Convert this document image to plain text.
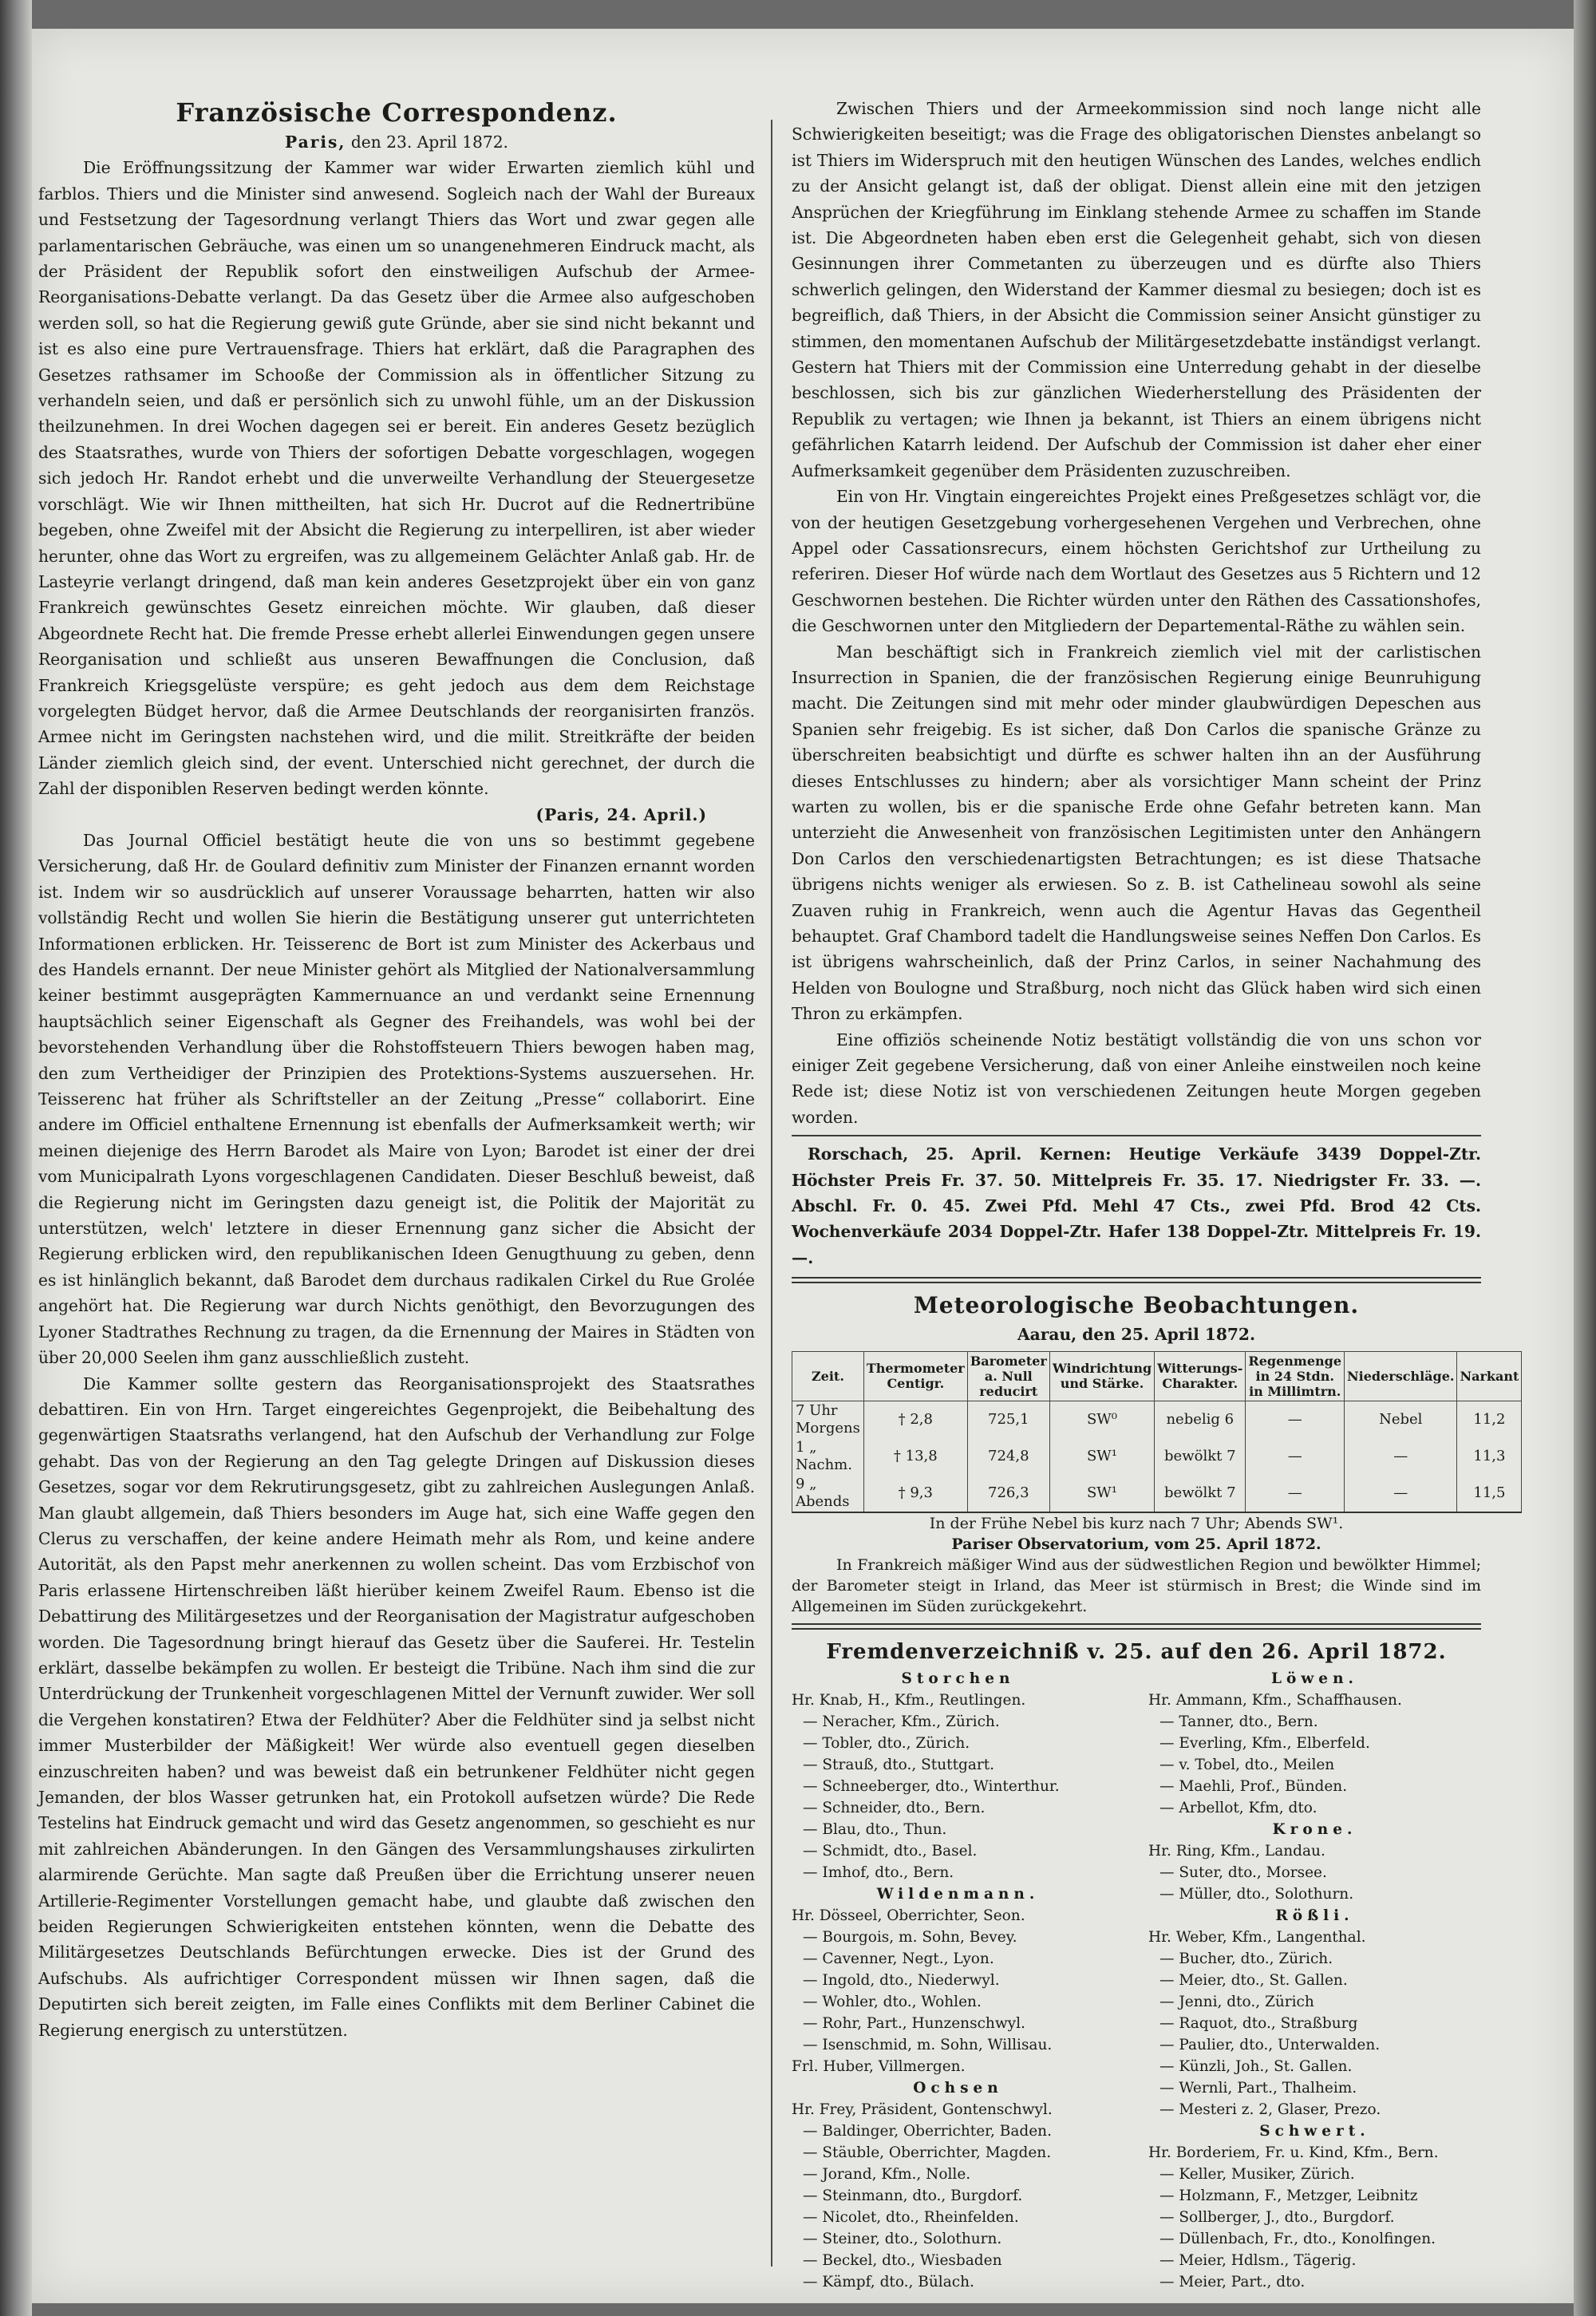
Französische Correspondenz.
Paris, den 23. April 1872.

Die Eröffnungssitzung der Kammer war wider Erwarten ziemlich kühl und farblos. Thiers und die Minister sind anwesend. Sogleich nach der Wahl der Bureaux und Festsetzung der Tagesordnung verlangt Thiers das Wort und zwar gegen alle parlamentarischen Gebräuche, was einen um so unangenehmeren Eindruck macht, als der Präsident der Republik sofort den einstweiligen Aufschub der Armee-Reorganisations-Debatte verlangt. Da das Gesetz über die Armee also aufgeschoben werden soll, so hat die Regierung gewiß gute Gründe, aber sie sind nicht bekannt und ist es also eine pure Vertrauensfrage. Thiers hat erklärt, daß die Paragraphen des Gesetzes rathsamer im Schooße der Commission als in öffentlicher Sitzung zu verhandeln seien, und daß er persönlich sich zu unwohl fühle, um an der Diskussion theilzunehmen. In drei Wochen dagegen sei er bereit. Ein anderes Gesetz bezüglich des Staatsrathes, wurde von Thiers der sofortigen Debatte vorgeschlagen, wogegen sich jedoch Hr. Randot erhebt und die unverweilte Verhandlung der Steuergesetze vorschlägt. Wie wir Ihnen mittheilten, hat sich Hr. Ducrot auf die Rednertribüne begeben, ohne Zweifel mit der Absicht die Regierung zu interpelliren, ist aber wieder herunter, ohne das Wort zu ergreifen, was zu allgemeinem Gelächter Anlaß gab. Hr. de Lasteyrie verlangt dringend, daß man kein anderes Gesetzprojekt über ein von ganz Frankreich gewünschtes Gesetz einreichen möchte. Wir glauben, daß dieser Abgeordnete Recht hat. Die fremde Presse erhebt allerlei Einwendungen gegen unsere Reorganisation und schließt aus unseren Bewaffnungen die Conclusion, daß Frankreich Kriegsgelüste verspüre; es geht jedoch aus dem dem Reichstage vorgelegten Büdget hervor, daß die Armee Deutschlands der reorganisirten französ. Armee nicht im Geringsten nachstehen wird, und die milit. Streitkräfte der beiden Länder ziemlich gleich sind, der event. Unterschied nicht gerechnet, der durch die Zahl der disponiblen Reserven bedingt werden könnte.

(Paris, 24. April.)

Das Journal Officiel bestätigt heute die von uns so bestimmt gegebene Versicherung, daß Hr. de Goulard definitiv zum Minister der Finanzen ernannt worden ist. Indem wir so ausdrücklich auf unserer Voraussage beharrten, hatten wir also vollständig Recht und wollen Sie hierin die Bestätigung unserer gut unterrichteten Informationen erblicken. Hr. Teisserenc de Bort ist zum Minister des Ackerbaus und des Handels ernannt. Der neue Minister gehört als Mitglied der Nationalversammlung keiner bestimmt ausgeprägten Kammernuance an und verdankt seine Ernennung hauptsächlich seiner Eigenschaft als Gegner des Freihandels, was wohl bei der bevorstehenden Verhandlung über die Rohstoffsteuern Thiers bewogen haben mag, den zum Vertheidiger der Prinzipien des Protektions-Systems auszuersehen. Hr. Teisserenc hat früher als Schriftsteller an der Zeitung „Presse“ collaborirt. Eine andere im Officiel enthaltene Ernennung ist ebenfalls der Aufmerksamkeit werth; wir meinen diejenige des Herrn Barodet als Maire von Lyon; Barodet ist einer der drei vom Municipalrath Lyons vorgeschlagenen Candidaten. Dieser Beschluß beweist, daß die Regierung nicht im Geringsten dazu geneigt ist, die Politik der Majorität zu unterstützen, welch' letztere in dieser Ernennung ganz sicher die Absicht der Regierung erblicken wird, den republikanischen Ideen Genugthuung zu geben, denn es ist hinlänglich bekannt, daß Barodet dem durchaus radikalen Cirkel du Rue Grolée angehört hat. Die Regierung war durch Nichts genöthigt, den Bevorzugungen des Lyoner Stadtrathes Rechnung zu tragen, da die Ernennung der Maires in Städten von über 20,000 Seelen ihm ganz ausschließlich zusteht.

Die Kammer sollte gestern das Reorganisationsprojekt des Staatsrathes debattiren. Ein von Hrn. Target eingereichtes Gegenprojekt, die Beibehaltung des gegenwärtigen Staatsraths verlangend, hat den Aufschub der Verhandlung zur Folge gehabt. Das von der Regierung an den Tag gelegte Dringen auf Diskussion dieses Gesetzes, sogar vor dem Rekrutirungsgesetz, gibt zu zahlreichen Auslegungen Anlaß. Man glaubt allgemein, daß Thiers besonders im Auge hat, sich eine Waffe gegen den Clerus zu verschaffen, der keine andere Heimath mehr als Rom, und keine andere Autorität, als den Papst mehr anerkennen zu wollen scheint. Das vom Erzbischof von Paris erlassene Hirtenschreiben läßt hierüber keinem Zweifel Raum. Ebenso ist die Debattirung des Militärgesetzes und der Reorganisation der Magistratur aufgeschoben worden. Die Tagesordnung bringt hierauf das Gesetz über die Sauferei. Hr. Testelin erklärt, dasselbe bekämpfen zu wollen. Er besteigt die Tribüne. Nach ihm sind die zur Unterdrückung der Trunkenheit vorgeschlagenen Mittel der Vernunft zuwider. Wer soll die Vergehen konstatiren? Etwa der Feldhüter? Aber die Feldhüter sind ja selbst nicht immer Musterbilder der Mäßigkeit! Wer würde also eventuell gegen dieselben einzuschreiten haben? und was beweist daß ein betrunkener Feldhüter nicht gegen Jemanden, der blos Wasser getrunken hat, ein Protokoll aufsetzen würde? Die Rede Testelins hat Eindruck gemacht und wird das Gesetz angenommen, so geschieht es nur mit zahlreichen Abänderungen. In den Gängen des Versammlungshauses zirkulirten alarmirende Gerüchte. Man sagte daß Preußen über die Errichtung unserer neuen Artillerie-Regimenter Vorstellungen gemacht habe, und glaubte daß zwischen den beiden Regierungen Schwierigkeiten entstehen könnten, wenn die Debatte des Militärgesetzes Deutschlands Befürchtungen erwecke. Dies ist der Grund des Aufschubs. Als aufrichtiger Correspondent müssen wir Ihnen sagen, daß die Deputirten sich bereit zeigten, im Falle eines Conflikts mit dem Berliner Cabinet die Regierung energisch zu unterstützen.

Zwischen Thiers und der Armeekommission sind noch lange nicht alle Schwierigkeiten beseitigt; was die Frage des obligatorischen Dienstes anbelangt so ist Thiers im Widerspruch mit den heutigen Wünschen des Landes, welches endlich zu der Ansicht gelangt ist, daß der obligat. Dienst allein eine mit den jetzigen Ansprüchen der Kriegführung im Einklang stehende Armee zu schaffen im Stande ist. Die Abgeordneten haben eben erst die Gelegenheit gehabt, sich von diesen Gesinnungen ihrer Commetanten zu überzeugen und es dürfte also Thiers schwerlich gelingen, den Widerstand der Kammer diesmal zu besiegen; doch ist es begreiflich, daß Thiers, in der Absicht die Commission seiner Ansicht günstiger zu stimmen, den momentanen Aufschub der Militärgesetzdebatte inständigst verlangt. Gestern hat Thiers mit der Commission eine Unterredung gehabt in der dieselbe beschlossen, sich bis zur gänzlichen Wiederherstellung des Präsidenten der Republik zu vertagen; wie Ihnen ja bekannt, ist Thiers an einem übrigens nicht gefährlichen Katarrh leidend. Der Aufschub der Commission ist daher eher einer Aufmerksamkeit gegenüber dem Präsidenten zuzuschreiben.

Ein von Hr. Vingtain eingereichtes Projekt eines Preßgesetzes schlägt vor, die von der heutigen Gesetzgebung vorhergesehenen Vergehen und Verbrechen, ohne Appel oder Cassationsrecurs, einem höchsten Gerichtshof zur Urtheilung zu referiren. Dieser Hof würde nach dem Wortlaut des Gesetzes aus 5 Richtern und 12 Geschwornen bestehen. Die Richter würden unter den Räthen des Cassationshofes, die Geschwornen unter den Mitgliedern der Departemental-Räthe zu wählen sein.

Man beschäftigt sich in Frankreich ziemlich viel mit der carlistischen Insurrection in Spanien, die der französischen Regierung einige Beunruhigung macht. Die Zeitungen sind mit mehr oder minder glaubwürdigen Depeschen aus Spanien sehr freigebig. Es ist sicher, daß Don Carlos die spanische Gränze zu überschreiten beabsichtigt und dürfte es schwer halten ihn an der Ausführung dieses Entschlusses zu hindern; aber als vorsichtiger Mann scheint der Prinz warten zu wollen, bis er die spanische Erde ohne Gefahr betreten kann. Man unterzieht die Anwesenheit von französischen Legitimisten unter den Anhängern Don Carlos den verschiedenartigsten Betrachtungen; es ist diese Thatsache übrigens nichts weniger als erwiesen. So z. B. ist Cathelineau sowohl als seine Zuaven ruhig in Frankreich, wenn auch die Agentur Havas das Gegentheil behauptet. Graf Chambord tadelt die Handlungsweise seines Neffen Don Carlos. Es ist übrigens wahrscheinlich, daß der Prinz Carlos, in seiner Nachahmung des Helden von Boulogne und Straßburg, noch nicht das Glück haben wird sich einen Thron zu erkämpfen.

Eine offiziös scheinende Notiz bestätigt vollständig die von uns schon vor einiger Zeit gegebene Versicherung, daß von einer Anleihe einstweilen noch keine Rede ist; diese Notiz ist von verschiedenen Zeitungen heute Morgen gegeben worden.

Rorschach, 25. April. Kernen: Heutige Verkäufe 3439 Doppel-Ztr. Höchster Preis Fr. 37. 50. Mittelpreis Fr. 35. 17. Niedrigster Fr. 33. —. Abschl. Fr. 0. 45. Zwei Pfd. Mehl 47 Cts., zwei Pfd. Brod 42 Cts. Wochenverkäufe 2034 Doppel-Ztr. Hafer 138 Doppel-Ztr. Mittelpreis Fr. 19. —.

Meteorologische Beobachtungen.
Aarau, den 25. April 1872.
Zeit.	Thermometer Centigr.	Barometer a. Null reducirt	Windrichtung und Stärke.	Witterungs-Charakter.	Regenmenge in 24 Stdn. in Millimtrn.	Niederschläge.	Narkant
7 Uhr Morgens	† 2,8	725,1	SW⁰	nebelig 6	—	Nebel	11,2
1 „ Nachm.	† 13,8	724,8	SW¹	bewölkt 7	—	—	11,3
9 „ Abends	† 9,3	726,3	SW¹	bewölkt 7	—	—	11,5
In der Frühe Nebel bis kurz nach 7 Uhr; Abends SW¹.
Pariser Observatorium, vom 25. April 1872.

In Frankreich mäßiger Wind aus der südwestlichen Region und bewölkter Himmel; der Barometer steigt in Irland, das Meer ist stürmisch in Brest; die Winde sind im Allgemeinen im Süden zurückgekehrt.

Fremdenverzeichniß v. 25. auf den 26. April 1872.
Storchen
Hr. Knab, H., Kfm., Reutlingen.
— Neracher, Kfm., Zürich.
— Tobler, dto., Zürich.
— Strauß, dto., Stuttgart.
— Schneeberger, dto., Winterthur.
— Schneider, dto., Bern.
— Blau, dto., Thun.
— Schmidt, dto., Basel.
— Imhof, dto., Bern.
Wildenmann.
Hr. Dösseel, Oberrichter, Seon.
— Bourgois, m. Sohn, Bevey.
— Cavenner, Negt., Lyon.
— Ingold, dto., Niederwyl.
— Wohler, dto., Wohlen.
— Rohr, Part., Hunzenschwyl.
— Isenschmid, m. Sohn, Willisau.
Frl. Huber, Villmergen.
Ochsen
Hr. Frey, Präsident, Gontenschwyl.
— Baldinger, Oberrichter, Baden.
— Stäuble, Oberrichter, Magden.
— Jorand, Kfm., Nolle.
— Steinmann, dto., Burgdorf.
— Nicolet, dto., Rheinfelden.
— Steiner, dto., Solothurn.
— Beckel, dto., Wiesbaden
— Kämpf, dto., Bülach.
Löwen.
Hr. Ammann, Kfm., Schaffhausen.
— Tanner, dto., Bern.
— Everling, Kfm., Elberfeld.
— v. Tobel, dto., Meilen
— Maehli, Prof., Bünden.
— Arbellot, Kfm, dto.
Krone.
Hr. Ring, Kfm., Landau.
— Suter, dto., Morsee.
— Müller, dto., Solothurn.
Rößli.
Hr. Weber, Kfm., Langenthal.
— Bucher, dto., Zürich.
— Meier, dto., St. Gallen.
— Jenni, dto., Zürich
— Raquot, dto., Straßburg
— Paulier, dto., Unterwalden.
— Künzli, Joh., St. Gallen.
— Wernli, Part., Thalheim.
— Mesteri z. 2, Glaser, Prezo.
Schwert.
Hr. Borderiem, Fr. u. Kind, Kfm., Bern.
— Keller, Musiker, Zürich.
— Holzmann, F., Metzger, Leibnitz
— Sollberger, J., dto., Burgdorf.
— Düllenbach, Fr., dto., Konolfingen.
— Meier, Hdlsm., Tägerig.
— Meier, Part., dto.
